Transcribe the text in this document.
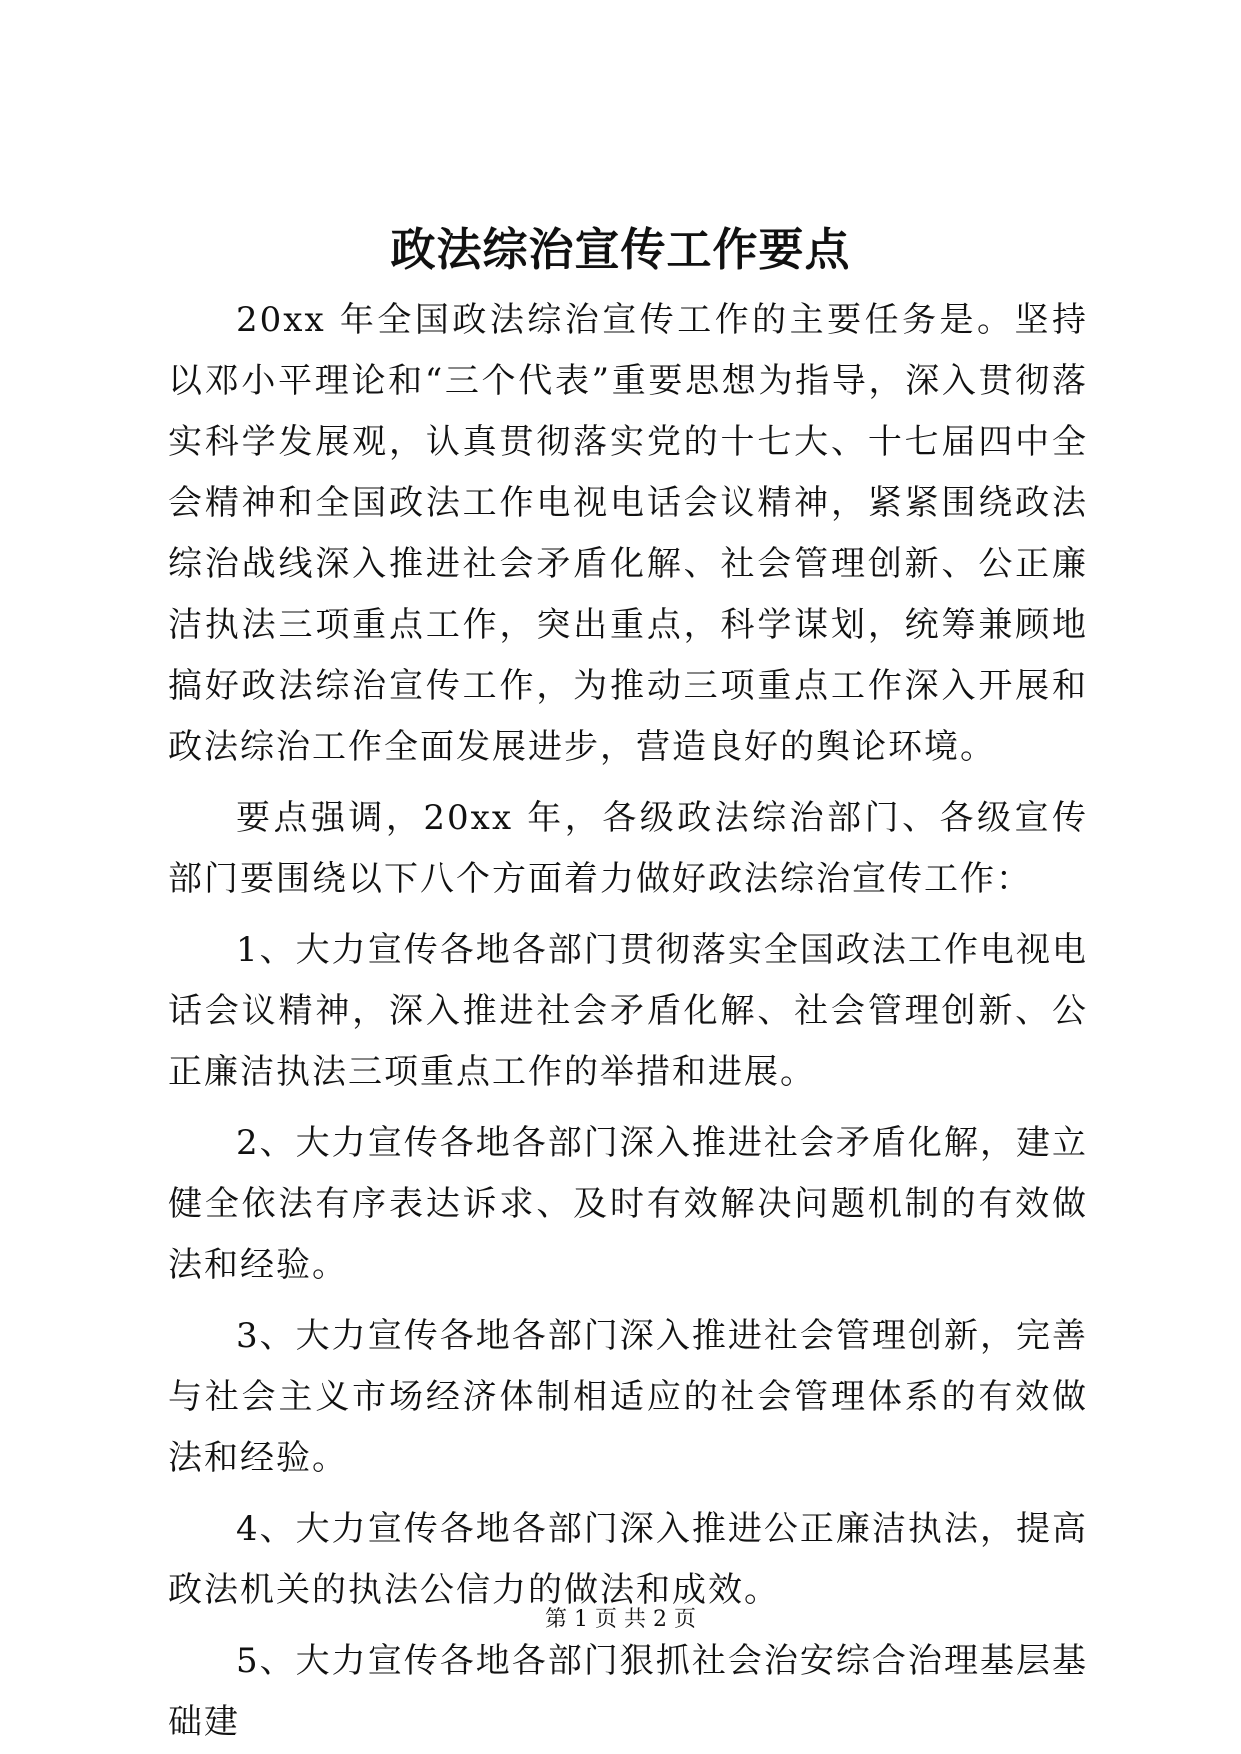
政法综治宣传工作要点

20xx 年全国政法综治宣传工作的主要任务是。坚持以邓小平理论和“三个代表”重要思想为指导，深入贯彻落实科学发展观，认真贯彻落实党的十七大、十七届四中全会精神和全国政法工作电视电话会议精神，紧紧围绕政法综治战线深入推进社会矛盾化解、社会管理创新、公正廉洁执法三项重点工作，突出重点，科学谋划，统筹兼顾地搞好政法综治宣传工作，为推动三项重点工作深入开展和政法综治工作全面发展进步，营造良好的舆论环境。

要点强调，20xx 年，各级政法综治部门、各级宣传部门要围绕以下八个方面着力做好政法综治宣传工作：

1、大力宣传各地各部门贯彻落实全国政法工作电视电话会议精神，深入推进社会矛盾化解、社会管理创新、公正廉洁执法三项重点工作的举措和进展。

2、大力宣传各地各部门深入推进社会矛盾化解，建立健全依法有序表达诉求、及时有效解决问题机制的有效做法和经验。

3、大力宣传各地各部门深入推进社会管理创新，完善与社会主义市场经济体制相适应的社会管理体系的有效做法和经验。

4、大力宣传各地各部门深入推进公正廉洁执法，提高政法机关的执法公信力的做法和成效。

5、大力宣传各地各部门狠抓社会治安综合治理基层基础建

第 1 页 共 2 页
